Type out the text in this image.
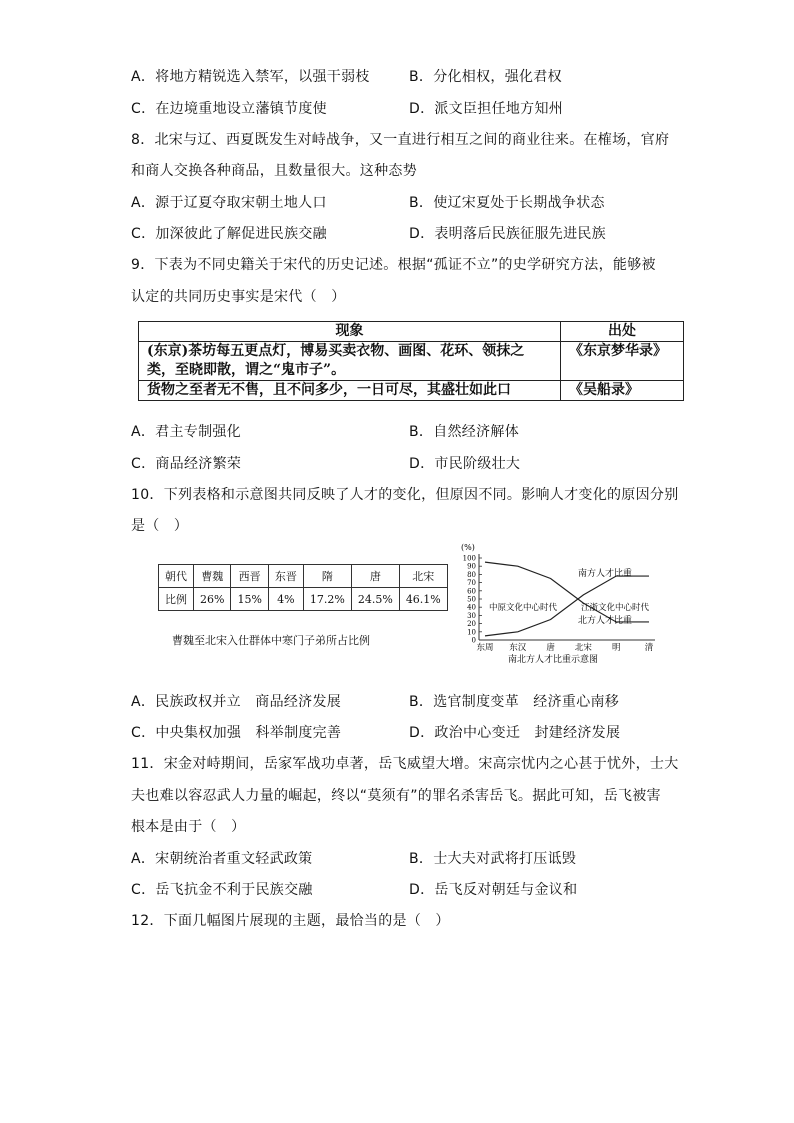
A．将地方精锐选入禁军，以强干弱枝	B．分化相权，强化君权
C．在边境重地设立藩镇节度使	D．派文臣担任地方知州
8．北宋与辽、西夏既发生对峙战争，又一直进行相互之间的商业往来。在榷场，官府
和商人交换各种商品，且数量很大。这种态势
A．源于辽夏夺取宋朝土地人口	B．使辽宋夏处于长期战争状态
C．加深彼此了解促进民族交融	D．表明落后民族征服先进民族
9．下表为不同史籍关于宋代的历史记述。根据“孤证不立”的史学研究方法，能够被
认定的共同历史事实是宋代（　）
现象	出处
(东京)茶坊每五更点灯，博易买卖衣物、画图、花环、领抹之类，至晓即散，谓之“鬼市子”。	《东京梦华录》
货物之至者无不售，且不问多少，一日可尽，其盛壮如此口	《吴船录》
A．君主专制强化	B．自然经济解体
C．商品经济繁荣	D．市民阶级壮大
10．下列表格和示意图共同反映了人才的变化，但原因不同。影响人才变化的原因分别
是（　）
朝代	曹魏	西晋	东晋	隋	唐	北宋
比例	26%	15%	4%	17.2%	24.5%	46.1%
曹魏至北宋入仕群体中寒门子弟所占比例
(%)
100
90
80
70
60
50
40
30
20
10
0
东周 东汉 唐 北宋 明	清
南方人才比重
北方人才比重
中原文化中心时代	江浙文化中心时代
南北方人才比重示意图
A．民族政权并立　商品经济发展	B．选官制度变革　经济重心南移
C．中央集权加强　科举制度完善	D．政治中心变迁　封建经济发展
11．宋金对峙期间，岳家军战功卓著，岳飞威望大增。宋高宗忧内之心甚于忧外，士大
夫也难以容忍武人力量的崛起，终以“莫须有”的罪名杀害岳飞。据此可知，岳飞被害
根本是由于（　）
A．宋朝统治者重文轻武政策	B．士大夫对武将打压诋毁
C．岳飞抗金不利于民族交融	D．岳飞反对朝廷与金议和
12．下面几幅图片展现的主题，最恰当的是（　）
